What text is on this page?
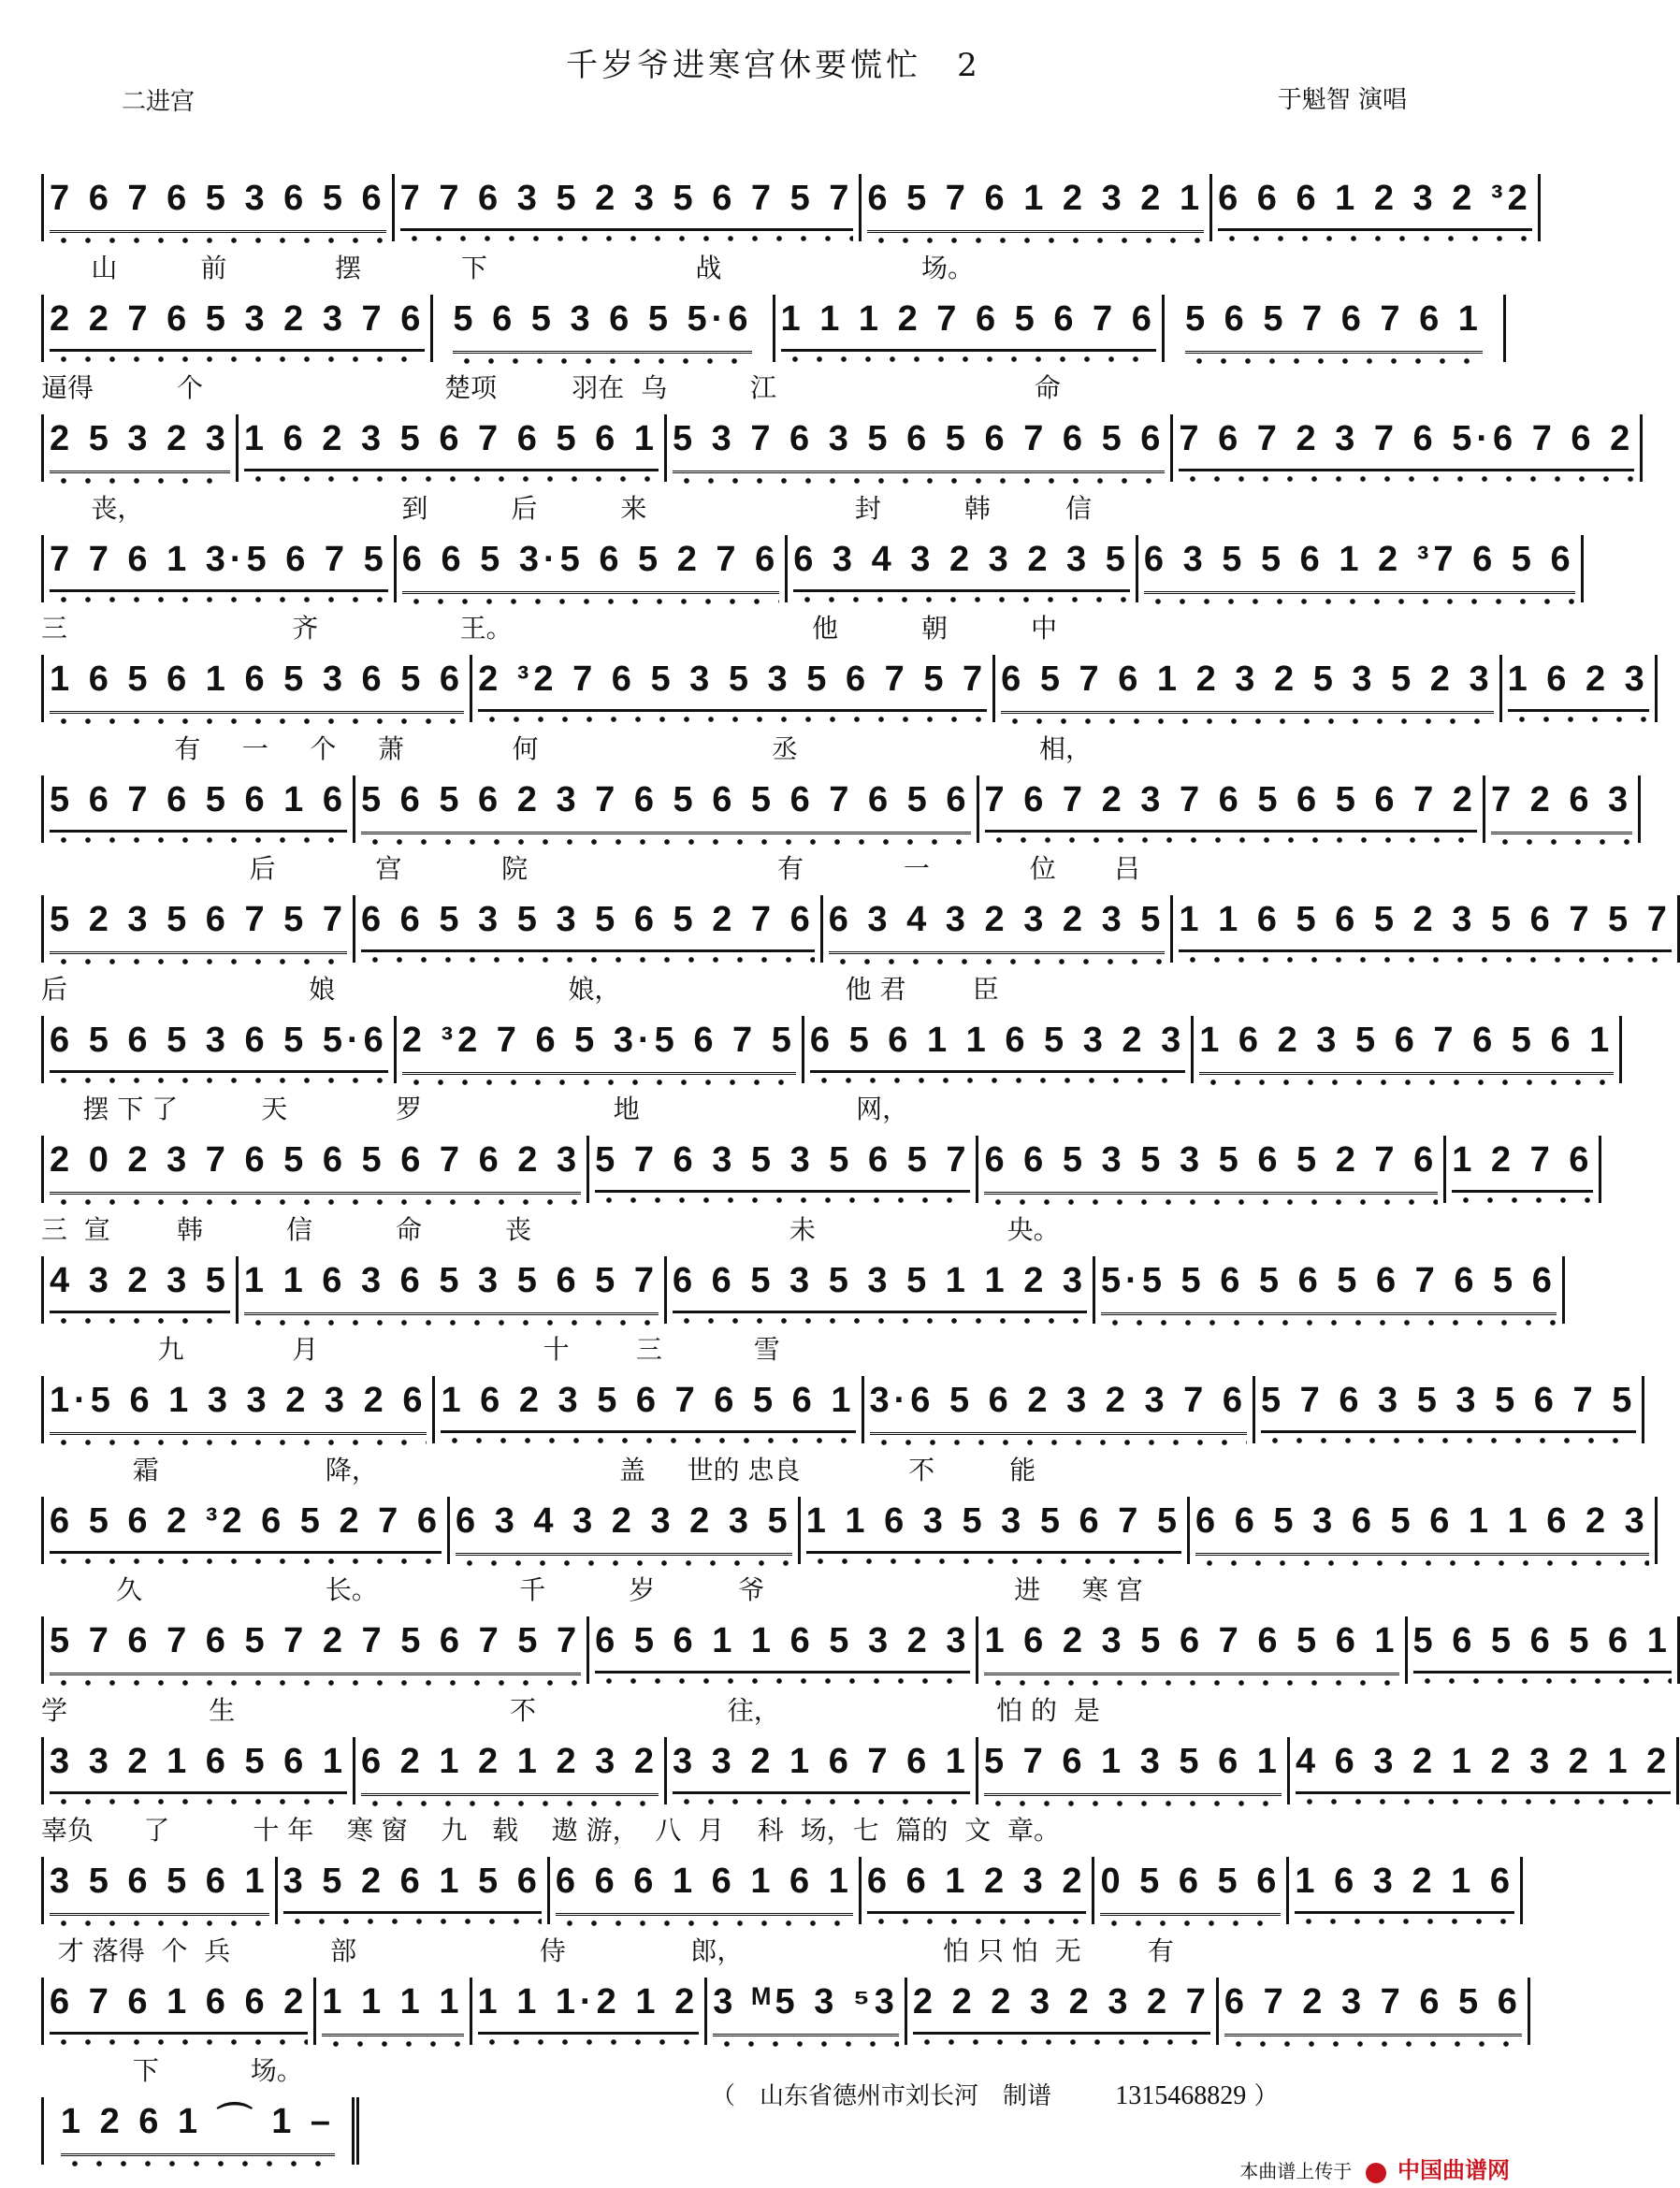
千岁爷进寒宫休要慌忙　2
二进宫	于魁智 演唱
7 6 7 6 5 3 6 5 6 7 7 6 3 5 2 3 5 6 7 5 7 6 5 7 6 1 2 3 2 1 6 6 6 1 2 3 2 ³2
山          前             摆            下                         战                        场。
2 2 7 6 5 3 2 3 7 6 5 6 5 3 6 5 5·6 1 1 1 2 7 6 5 6 7 6 5 6 5 7 6 7 6 1
逼得          个                             楚项         羽在  乌          江                               命
2 5 3 2 3 1 6 2 3 5 6 7 6 5 6 1 5 3 7 6 3 5 6 5 6 7 6 5 6 7 6 7 2 3 7 6 5·6 7 6 2
丧，                               到          后          来                         封          韩         信
7 7 6 1 3·5 6 7 5 6 6 5 3·5 6 5 2 7 6 6 3 4 3 2 3 2 3 5 6 3 5 5 6 1 2 ³7 6 5 6
三                           齐                 王。                                    他          朝          中
1 6 5 6 1 6 5 3 6 5 6 2 ³2 7 6 5 3 5 3 5 6 7 5 7 6 5 7 6 1 2 3 2 5 3 5 2 3 1 6 2 3
有     一     个     萧             何                            丞                             相，
5 6 7 6 5 6 1 6 5 6 5 6 2 3 7 6 5 6 5 6 7 6 5 6 7 6 7 2 3 7 6 5 6 5 6 7 2 7 2 6 3
后            宫            院                              有            一            位       吕
5 2 3 5 6 7 5 7 6 6 5 3 5 3 5 6 5 2 7 6 6 3 4 3 2 3 2 3 5 1 1 6 5 6 5 2 3 5 6 7 5 7
后                             娘                            娘，                           他 君        臣
6 5 6 5 3 6 5 5·6 2 ³2 7 6 5 3·5 6 7 5 6 5 6 1 1 6 5 3 2 3 1 6 2 3 5 6 7 6 5 6 1
摆 下 了          天             罗                       地                          网，
2 0 2 3 7 6 5 6 5 6 7 6 2 3 5 7 6 3 5 3 5 6 5 7 6 6 5 3 5 3 5 6 5 2 7 6 1 2 7 6
三  宣        韩          信          命          丧                               未                       央。
4 3 2 3 5 1 1 6 3 6 5 3 5 6 5 7 6 6 5 3 5 3 5 1 1 2 3 5·5 5 6 5 6 5 6 7 6 5 6
九             月                           十        三           雪
1·5 6 1 3 3 2 3 2 6 1 6 2 3 5 6 7 6 5 6 1 3·6 5 6 2 3 2 3 7 6 5 7 6 3 5 3 5 6 7 5
霜                    降，                             盖     世的 忠良             不         能
6 5 6 2 ³2 6 5 2 7 6 6 3 4 3 2 3 2 3 5 1 1 6 3 5 3 5 6 7 5 6 6 5 3 6 5 6 1 1 6 2 3
久                      长。                 千          岁          爷                              进     寒 宫
5 7 6 7 6 5 7 2 7 5 6 7 5 7 6 5 6 1 1 6 5 3 2 3 1 6 2 3 5 6 7 6 5 6 1 5 6 5 6 5 6 1
学                 生                                 不                       往，                          怕 的  是
3 3 2 1 6 5 6 1 6 2 1 2 1 2 3 2 3 3 2 1 6 7 6 1 5 7 6 1 3 5 6 1 4 6 3 2 1 2 3 2 1 2
辜负      了          十 年    寒 窗    九   载    遨 游，  八  月    科  场，七  篇的  文  章。
3 5 6 5 6 1 3 5 2 6 1 5 6 6 6 6 1 6 1 6 1 6 6 1 2 3 2 0 5 6 5 6 1 6 3 2 1 6
才 落得  个  兵            部                      侍               郎，                        怕 只 怕  无        有
6 7 6 1 6 6 2 1 1 1 1 1 1 1·2 1 2 3 ᴹ5 3 ⁵3 2 2 2 3 2 3 2 7 6 7 2 3 7 6 5 6
下           场。
1 2 6 1 ⌒ 1 –
（　山东省德州市刘长河　制谱 1315468829 ）
本曲谱上传于 中国曲谱网
